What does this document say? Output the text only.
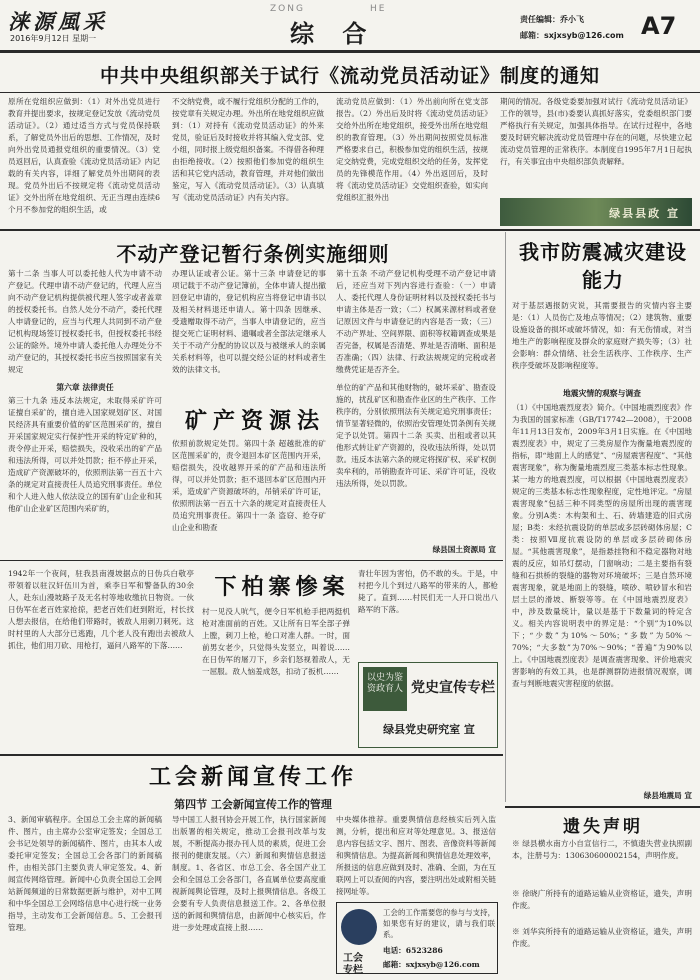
涞源風采
2016年9月12日 星期一
ZONG	HE
综 合
责任编辑：乔小飞
邮箱：sxjxsyb@126.com A7
中共中央组织部关于试行《流动党员活动证》制度的通知
原所在党组织应做到：（1）对外出党员进行教育并提出要求，按规定登记发放《流动党员活动证》。（2）通过适当方式与党员保持联系，了解党员外出后的思想、工作情况，及时向外出党员通报党组织的重要情况。（3）党员返回后，认真查验《流动党员活动证》内记载的有关内容，详细了解党员外出期间的表现。党员外出后不按规定将《流动党员活动证》交外出所在地党组织、无正当理由连续6个月不参加党的组织生活，或
不交纳党费，或不履行党组织分配的工作的，按党章有关规定办理。外出所在地党组织应做到：（1）对持有《流动党员活动证》的外来党员，验证后及时接收并将其编入党支部、党小组，同时报上级党组织备案。不得借各种理由拒绝接收。（2）按照他们参加党的组织生活和其它党内活动，教育管理，并对他们做出鉴定，写入《流动党员活动证》。（3）认真填写《流动党员活动证》内有关内容。
流动党员应做到：（1）外出前向所在党支部报告。（2）外出后及时将《流动党员活动证》交给外出所在地党组织，接受外出所在地党组织的教育管理。（3）外出期间按照党员标准严格要求自己，积极参加党的组织生活，按规定交纳党费，完成党组织交给的任务，发挥党员的先锋模范作用。（4）外出返回后，及时将《流动党员活动证》交党组织查验，如实向党组织汇报外出
期间的情况。各级党委要加强对试行《流动党员活动证》工作的领导，县(市)委要认真抓好落实，党委组织部门要严格执行有关规定，加强具体指导。在试行过程中，各地要及时研究解决流动党员管理中存在的问题，尽快建立起流动党员管理的正常秩序。本制度自1995年7月1日起执行，有关事宜由中央组织部负责解释。
绿县县政 宣
不动产登记暂行条例实施细则
第十二条 当事人可以委托他人代为申请不动产登记。代理申请不动产登记的，代理人应当向不动产登记机构提供被代理人签字或者盖章的授权委托书。自然人处分不动产，委托代理人申请登记的，应当与代理人共同到不动产登记机构现场签订授权委托书，但授权委托书经公证的除外。境外申请人委托他人办理处分不动产登记的，其授权委托书应当按照国家有关规定
办理认证或者公证。第十三条 申请登记的事项记载于不动产登记簿前，全体申请人提出撤回登记申请的，登记机构应当将登记申请书以及相关材料退还申请人。第十四条 因继承、受遗赠取得不动产，当事人申请登记的，应当提交死亡证明材料、遗嘱或者全部法定继承人关于不动产分配的协议以及与被继承人的亲属关系材料等，也可以提交经公证的材料或者生效的法律文书。
第十五条 不动产登记机构受理不动产登记申请后，还应当对下列内容进行查验：（一）申请人、委托代理人身份证明材料以及授权委托书与申请主体是否一致；（二）权属来源材料或者登记原因文件与申请登记的内容是否一致；（三）不动产界址、空间界限、面积等权籍调查成果是否完备，权属是否清楚、界址是否清晰、面积是否准确；（四）法律、行政法规规定的完税或者缴费凭证是否齐全。
第六章 法律责任
第三十九条 违反本法规定，未取得采矿许可证擅自采矿的，擅自进入国家规划矿区、对国民经济具有重要价值的矿区范围采矿的，擅自开采国家规定实行保护性开采的特定矿种的，责令停止开采，赔偿损失，没收采出的矿产品和违法所得，可以并处罚款；拒不停止开采，造成矿产资源破坏的，依照刑法第一百五十六条的规定对直接责任人员追究刑事责任。单位和个人进入他人依法设立的国有矿山企业和其他矿山企业矿区范围内采矿的，
矿产资源法
依照前款规定处罚。第四十条 超越批准的矿区范围采矿的，责令退回本矿区范围内开采，赔偿损失，没收越界开采的矿产品和违法所得，可以并处罚款；拒不退回本矿区范围内开采，造成矿产资源破坏的，吊销采矿许可证，依照刑法第一百五十六条的规定对直接责任人员追究刑事责任。第四十一条 盗窃、抢夺矿山企业和勘查
单位的矿产品和其他财物的，破坏采矿、勘查设施的，扰乱矿区和勘查作业区的生产秩序、工作秩序的，分别依照刑法有关规定追究刑事责任；情节显著轻微的，依照治安管理处罚条例有关规定予以处罚。第四十二条 买卖、出租或者以其他形式转让矿产资源的，没收违法所得，处以罚款。违反本法第六条的规定将探矿权、采矿权倒卖牟利的，吊销勘查许可证、采矿许可证，没收违法所得，处以罚款。
绿县国土资源局 宣
我市防震减灾建设能力
对于基层遇报防灾说，其需要报告的灾情内容主要是：（1）人员伤亡及地点等情况；（2）建筑物、重要设施设备的损坏或破坏情况，如：有无伤情或，对当地生产的影响程度及群众的家庭财产损失等；（3）社会影响：群众情绪、社会生活秩序、工作秩序、生产秩序受破坏及影响程度等。
地震灾情的观察与调查
（1）《中国地震烈度表》简介。《中国地震烈度表》作为我国的国家标准（GB/T17742—2008），于2008年11月13日发布，2009年3月1日实施。在《中国地震烈度表》中，规定了三类房屋作为衡量地震烈度的指标，即“地面上人的感觉”、“房屋震害程度”、“其他震害现象”，称为衡量地震烈度三类基本标志性现象。某一地方的地震烈度，可以根据《中国地震烈度表》规定的三类基本标志性现象程度，定性地评定。“房屋震害现象”包括三种不同类型的房屋所出现的震害现象。分别A类：木构架和土、石、砖墙建造的旧式房屋；B类：未经抗震设防的单层或多层砖砌体房屋；C类：按照Ⅶ度抗震设防的单层或多层砖砌体房屋。“其他震害现象”，是指悬挂物和不稳定器物对地震的反应，如吊灯摆动，门窗响动；二是主要指有裂缝和石拱桥的裂缝的器物对环境破坏；三是自然环境震害现象，就是地面上的裂缝，喷砂、喷砂冒水和岩层土层的滑坡、断裂等等。在《中国地震烈度表》中，涉及数量统计，量以是基于下数量词的特定含义。相关内容说明表中的界定是：“个别”为10%以下；“少数”为10%～50%；“多数”为50%～70%；“大多数”为70%～90%；“普遍”为90%以上。《中国地震烈度表》是调查震害现象、评价地震灾害影响的有效工具，也是群测群防进报情况观察，调查与判断地震灾害程度的依据。
绿县地震局 宣
1942年一个夜间，驻我县南漫坡据点的日伪兵白敬亭带领着以驻汉奸伍川为首，乘李日军和警备队的30余人，赴东山漫坡路子及无名村等地收缴抗日物资。一伙日伪军在老百姓家抢掠，把老百姓们赶到附近，村长找人想去报信，在给他们带路时，被敌人用刺刀刺死。这时村里的人大部分已逃跑，几个老人没有跑出去被敌人抓住，他们用刀砍、用枪打，逼问八路军的下落……
下柏寨惨案
村一见没人吭气，便令日军机枪手把两挺机枪对准面前的百姓。又让所有日军全部子弹上膛，刺刀上枪，枪口对准人群。一时，面前男女老少，只觉得头发竖立，叫着说……在日伪军的屠刀下，乡亲们怒视着敌人，无一屈服。敌人恼羞成怒，扣动了扳机……
青壮年因为害怕，仍不敢的头。于是，中村把今儿个到过八路军的带来的人，都枪毙了。直到……村民们无一人开口说出八路军的下落。
以史为鉴 资政育人 党史宣传专栏
绿县党史研究室 宣
工会新闻宣传工作
第四节 工会新闻宣传工作的管理
3、新闻审稿程序。全国总工会主席的新闻稿件、图片，由主席办公室审定签发；全国总工会书记处领导的新闻稿件、图片，由其本人或委托审定签发；全国总工会各部门的新闻稿件，由相关部门主要负责人审定签发。4、新闻宣传网络管理。新闻中心负责全国总工会网站新闻频道的日常数据更新与维护，对中工网和中华全国总工会网络信息中心进行统一业务指导，主动发布工会新闻信息。5、工会报刊管理。
导中国工人报刊协会开展工作，执行国家新闻出版署的相关规定，推动工会报刊改革与发展，不断提高办报办刊人员的素质，促进工会报刊的健康发展。（六）新闻和舆情信息报送制度。1、各省区、市总工会、各全国产业工会和全国总工会各部门，各直属单位要高度重视新闻舆论管理，及时上报舆情信息。各级工会要有专人负责信息报送工作。2、各单位报送的新闻和舆情信息，由新闻中心核实后，作进一步处理或直接上报……
中央媒体推荐。重要舆情信息经核实后列入监测，分析，提出和应对等处理意见。3、报送信息内容包括文字、图片、图表、音像资料等新闻和舆情信息。为提高新闻和舆情信息处理效率，所报送的信息应做到及时、准确、全面，为在互联网上可以查阅的内容，要注明出处或附相关链接网址等。
工会
专栏
工会的工作需要您的参与与支持，如果您有好的建议，请与我们联系。
电话：6523286
邮箱：sxjxsyb@126.com
遗失声明
※ 绿县横水南方小自宣信行二，不慎遗失营业执照副本，注册号为：130630600002154，声明作废。
※ 徐晓广所持有的道路运输从业资格证，遗失，声明作废。
※ 刘华宾所持有的道路运输从业资格证，遗失，声明作废。
